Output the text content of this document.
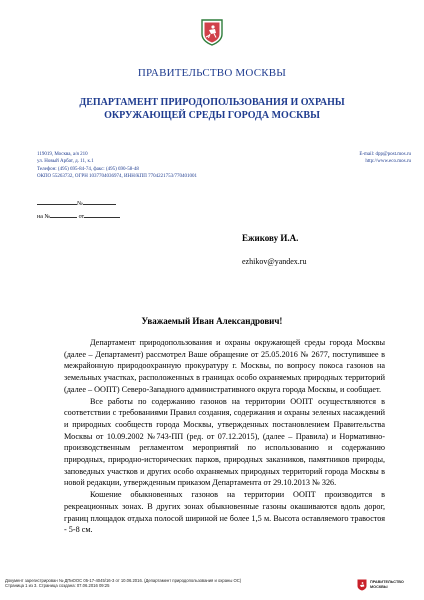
ПРАВИТЕЛЬСТВО МОСКВЫ
ДЕПАРТАМЕНТ ПРИРОДОПОЛЬЗОВАНИЯ И ОХРАНЫ
ОКРУЖАЮЩЕЙ СРЕДЫ ГОРОДА МОСКВЫ
119019, Москва, а/я 210
ул. Новый Арбат, д. 11, к.1
Телефон: (495) 695-84-74, факс: (495) 690-58-48
ОКПО 55263732, ОГРН 1037704036974, ИНН/КПП 7704221753/770401001
E-mail: dpp@post.mos.ru
http://www.eco.mos.ru
№
на №	от
Ежикову И.А.
ezhikov@yandex.ru
Уважаемый Иван Александрович!

Департамент природопользования и охраны окружающей среды города Москвы (далее – Департамент) рассмотрел Ваше обращение от 25.05.2016 № 2677, поступившее в межрайонную природоохранную прокуратуру г. Москвы, по вопросу покоса газонов на земельных участках, расположенных в границах особо охраняемых природных территорий (далее – ООПТ) Северо-Западного административного округа города Москвы, и сообщает.

Все работы по содержанию газонов на территории ООПТ осуществляются в соответствии с требованиями Правил создания, содержания и охраны зеленых насаждений и природных сообществ города Москвы, утвержденных постановлением Правительства Москвы от 10.09.2002 №743-ПП (ред. от 07.12.2015), (далее – Правила) и Нормативно-производственным регламентом мероприятий по использованию и содержанию природных, природно-исторических парков, природных заказников, памятников природы, заповедных участков и других особо охраняемых природных территорий города Москвы в новой редакции, утвержденным приказом Департамента от 29.10.2013 № 326.

Кошение обыкновенных газонов на территории ООПТ производится в рекреационных зонах. В других зонах обыкновенные газоны окашиваются вдоль дорог, границ площадок отдыха полосой шириной не более 1,5 м. Высота оставляемого травостоя - 5-8 см.

Документ зарегистрирован № ДПиООС 05-17-4045/16-3 от 10.06.2016. (Департамент природопользования и охраны ОС)
Страница 1 из 3. Страница создана: 07.06.2016 09:25
ПРАВИТЕЛЬСТВО
МОСКВЫ
